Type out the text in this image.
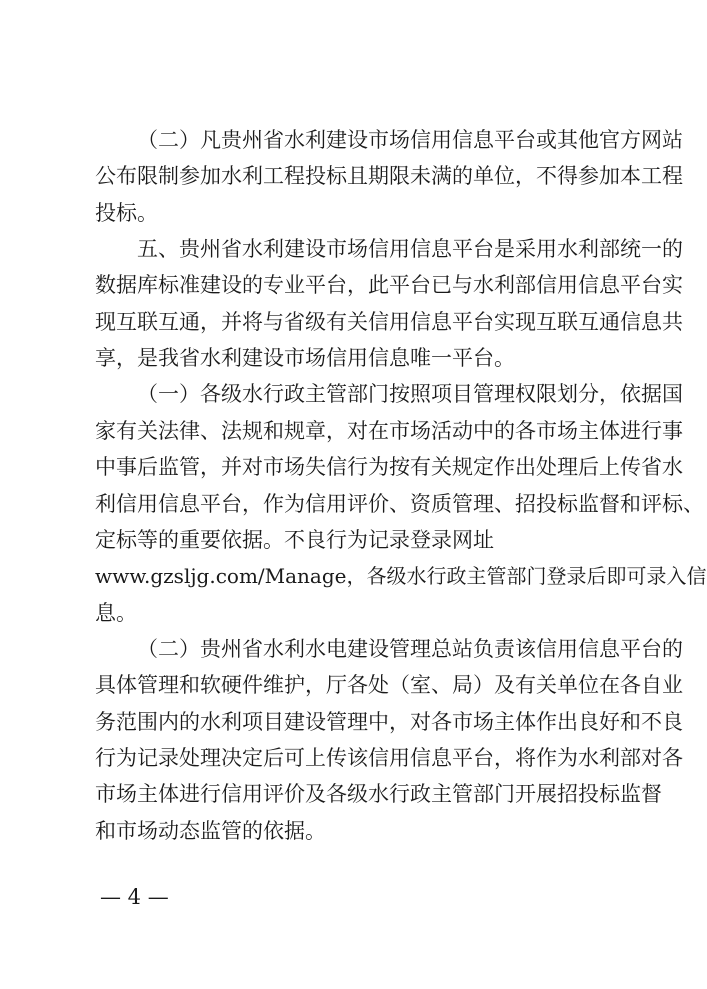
（二）凡贵州省水利建设市场信用信息平台或其他官方网站
公布限制参加水利工程投标且期限未满的单位，不得参加本工程
投标。
五、贵州省水利建设市场信用信息平台是采用水利部统一的
数据库标准建设的专业平台，此平台已与水利部信用信息平台实
现互联互通，并将与省级有关信用信息平台实现互联互通信息共
享，是我省水利建设市场信用信息唯一平台。
（一）各级水行政主管部门按照项目管理权限划分，依据国
家有关法律、法规和规章，对在市场活动中的各市场主体进行事
中事后监管，并对市场失信行为按有关规定作出处理后上传省水
利信用信息平台，作为信用评价、资质管理、招投标监督和评标、
定标等的重要依据。不良行为记录登录网址
www.gzsljg.com/Manage，各级水行政主管部门登录后即可录入信
息。
（二）贵州省水利水电建设管理总站负责该信用信息平台的
具体管理和软硬件维护，厅各处（室、局）及有关单位在各自业
务范围内的水利项目建设管理中，对各市场主体作出良好和不良
行为记录处理决定后可上传该信用信息平台，将作为水利部对各
市场主体进行信用评价及各级水行政主管部门开展招投标监督
和市场动态监管的依据。
— 4 —
